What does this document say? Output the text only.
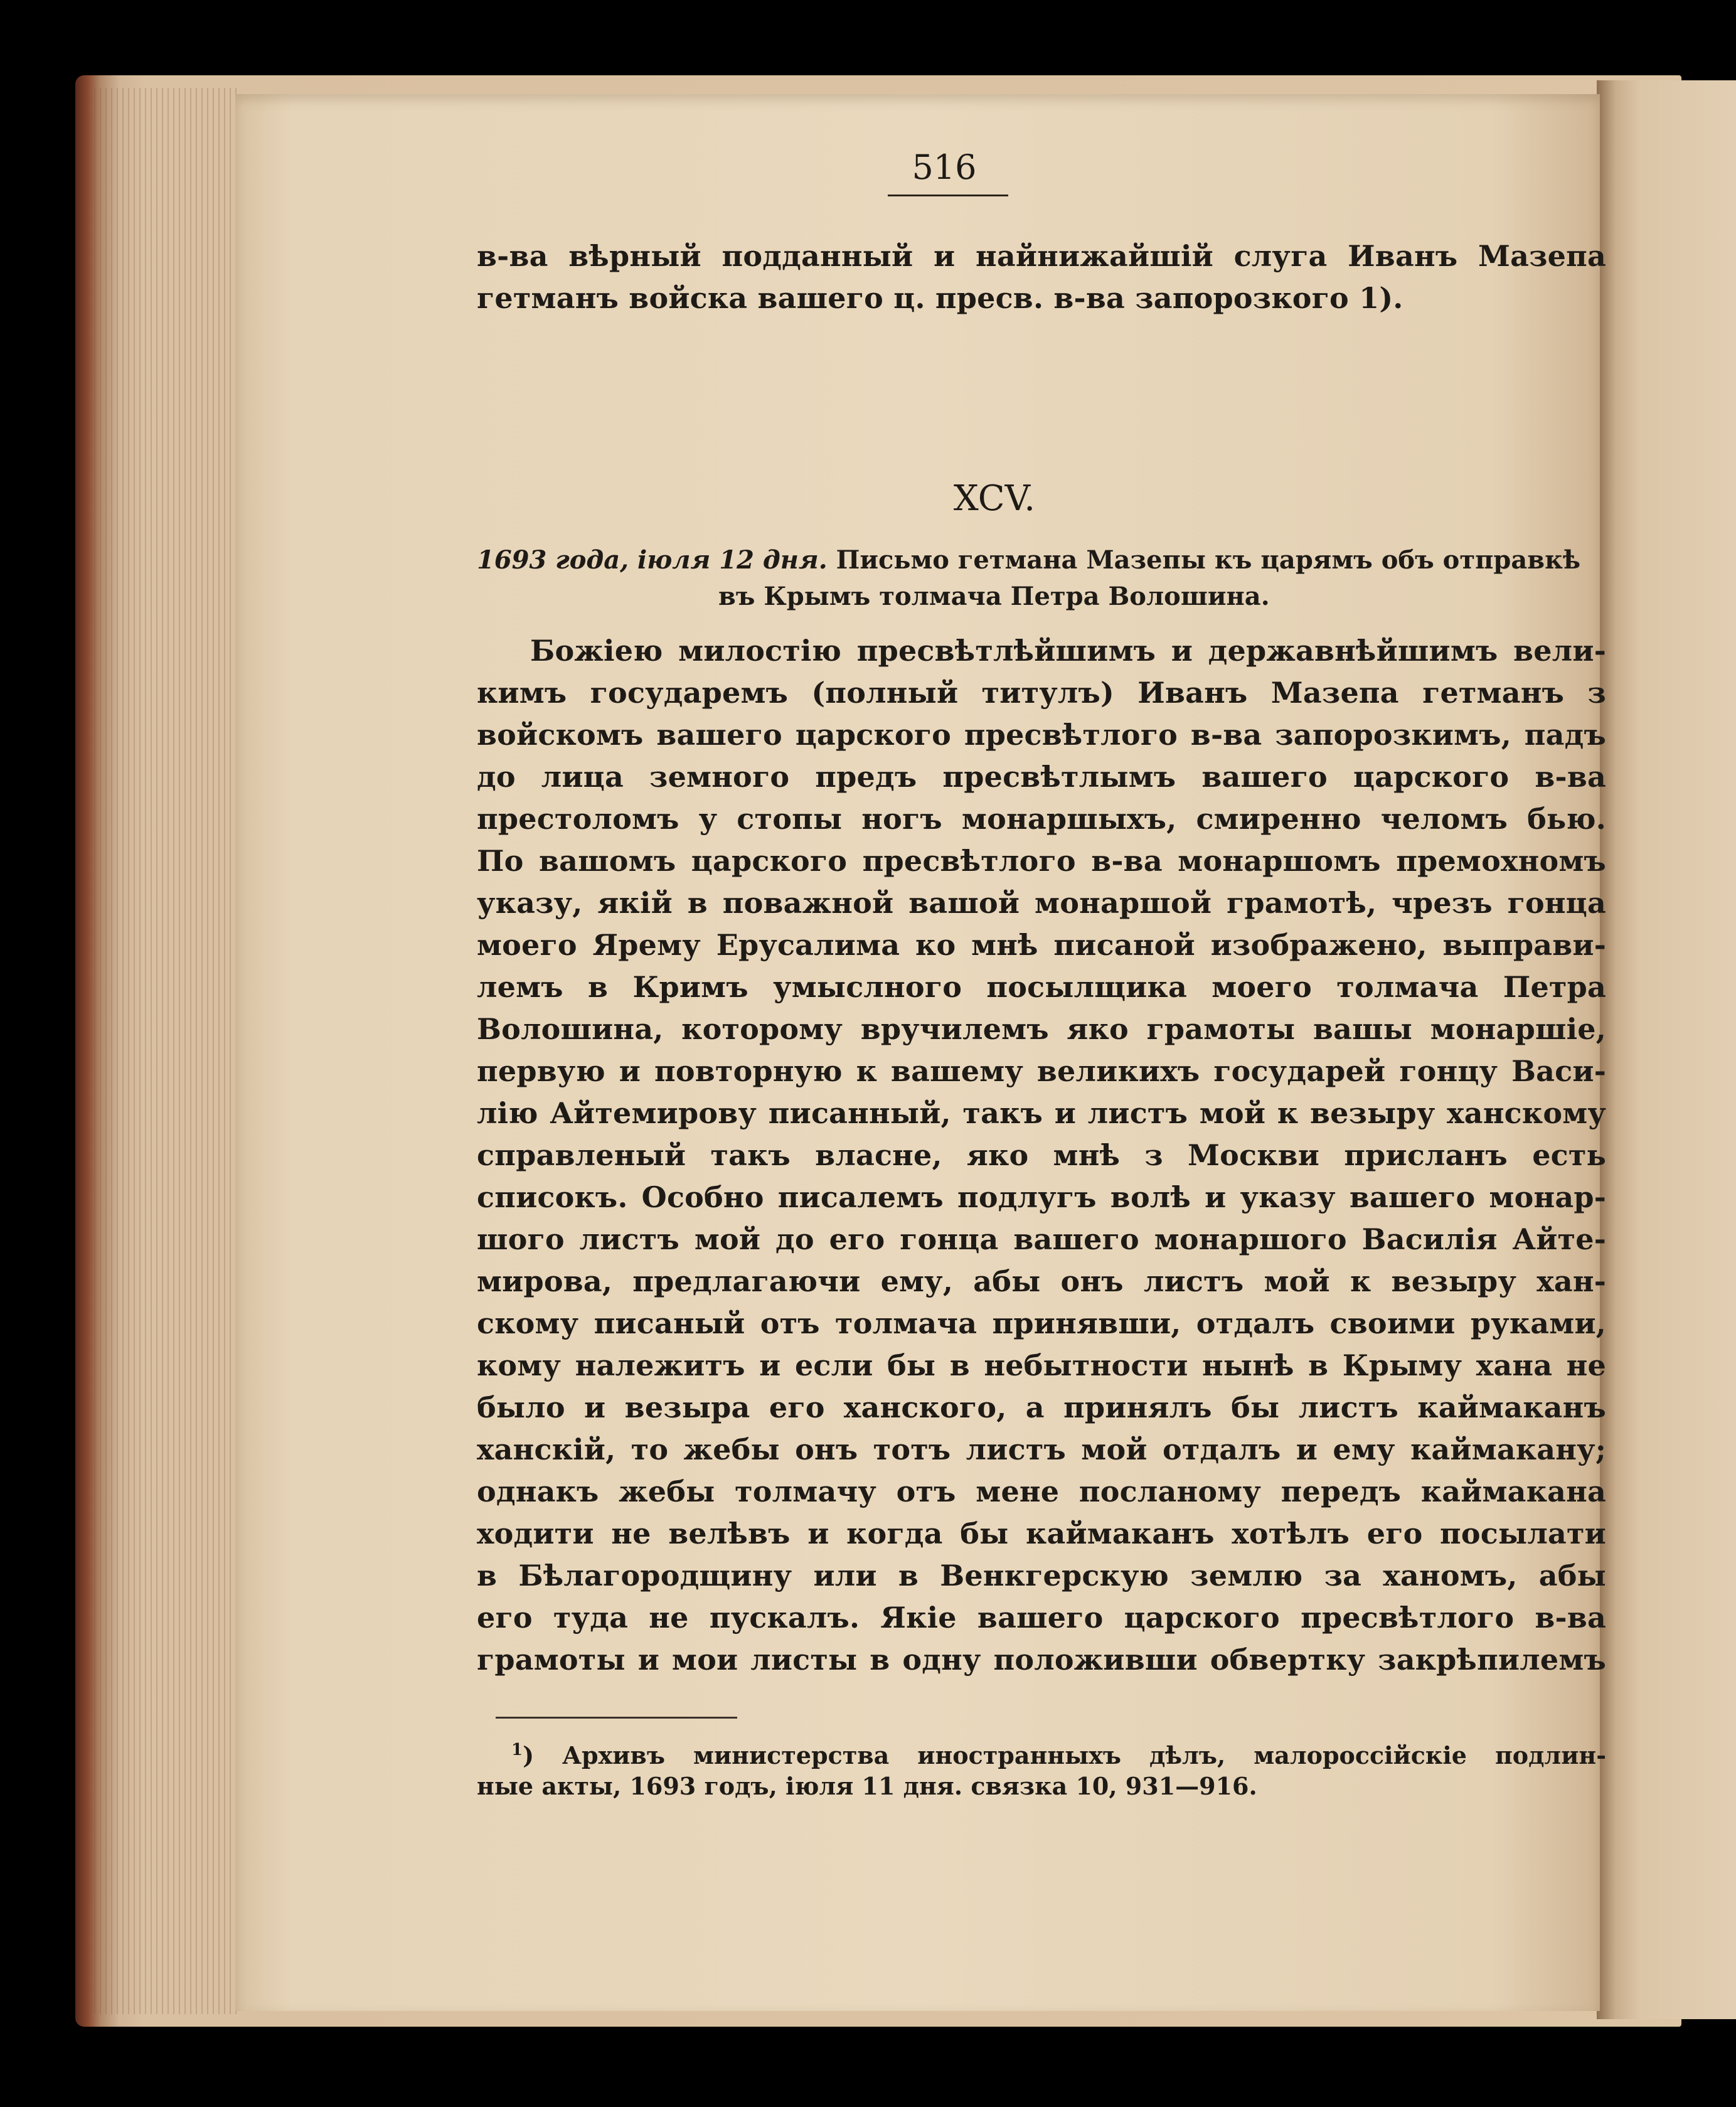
516

в-ва вѣрный подданный и найнижайшій слуга Иванъ Мазепа

гетманъ войска вашего ц. пресв. в-ва запорозкого 1).

XCV.

1693 года, іюля 12 дня. Письмо гетмана Мазепы къ царямъ объ отправкѣ

въ Крымъ толмача Петра Волошина.

Божіею милостію пресвѣтлѣйшимъ и державнѣйшимъ вели-

кимъ государемъ (полный титулъ) Иванъ Мазепа гетманъ з

войскомъ вашего царского пресвѣтлого в-ва запорозкимъ, падъ

до лица земного предъ пресвѣтлымъ вашего царского в-ва

престоломъ у стопы ногъ монаршыхъ, смиренно челомъ бью.

По вашомъ царского пресвѣтлого в-ва монаршомъ премоxномъ

указу, якій в поважной вашой монаршой грамотѣ, чрезъ гонца

моего Ярему Ерусалима ко мнѣ писаной изображено, выправи-

лемъ в Кримъ умыслного посылщика моего толмача Петра

Волошина, которому вручилемъ яко грамоты вашы монаршіе,

первую и повторную к вашему великихъ государей гонцу Васи-

лію Айтемирову писанный, такъ и листъ мой к везыру ханскому

справленый такъ власне, яко мнѣ з Москви присланъ есть

списокъ. Особно писалемъ подлугъ волѣ и указу вашего монар-

шого листъ мой до его гонца вашего монаршого Василія Айте-

мирова, предлагаючи ему, абы онъ листъ мой к везыру хан-

скому писаный отъ толмача принявши, отдалъ своими руками,

кому належитъ и если бы в небытности нынѣ в Крыму хана не

было и везыра его ханского, а принялъ бы листъ каймаканъ

ханскій, то жебы онъ тотъ листъ мой отдалъ и ему каймакану;

однакъ жебы толмачу отъ мене посланому передъ каймакана

ходити не велѣвъ и когда бы каймаканъ хотѣлъ его посылати

в Бѣлагородщину или в Венкгерскую землю за ханомъ, абы

его туда не пускалъ. Якіе вашего царского пресвѣтлого в-ва

грамоты и мои листы в одну положивши обвертку закрѣпилемъ

$^1$) Архивъ министерства иностранныхъ дѣлъ, малороссійскіе подлин-

ные акты, 1693 годъ, іюля 11 дня. связка 10, 931—916.
